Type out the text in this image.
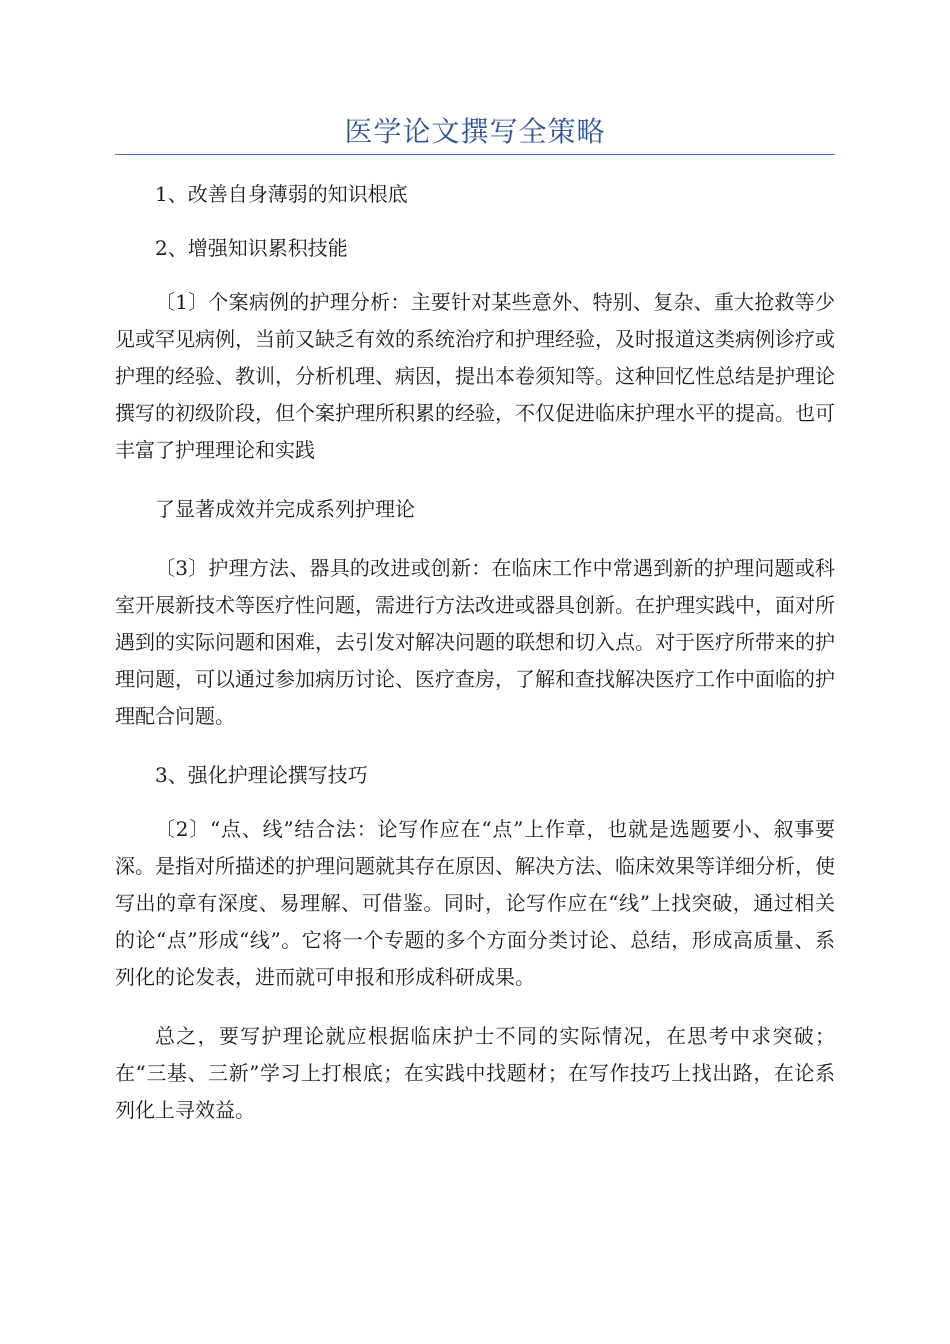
医学论文撰写全策略

1、改善自身薄弱的知识根底

2、增强知识累积技能

〔1〕个案病例的护理分析：主要针对某些意外、特别、复杂、重大抢救等少见或罕见病例，当前又缺乏有效的系统治疗和护理经验，及时报道这类病例诊疗或护理的经验、教训，分析机理、病因，提出本卷须知等。这种回忆性总结是护理论撰写的初级阶段，但个案护理所积累的经验，不仅促进临床护理水平的提高。也可丰富了护理理论和实践

了显著成效并完成系列护理论

〔3〕护理方法、器具的改进或创新：在临床工作中常遇到新的护理问题或科室开展新技术等医疗性问题，需进行方法改进或器具创新。在护理实践中，面对所遇到的实际问题和困难，去引发对解决问题的联想和切入点。对于医疗所带来的护理问题，可以通过参加病历讨论、医疗查房，了解和查找解决医疗工作中面临的护理配合问题。

3、强化护理论撰写技巧

〔2〕“点、线”结合法：论写作应在“点”上作章，也就是选题要小、叙事要深。是指对所描述的护理问题就其存在原因、解决方法、临床效果等详细分析，使写出的章有深度、易理解、可借鉴。同时，论写作应在“线”上找突破，通过相关的论“点”形成“线”。它将一个专题的多个方面分类讨论、总结，形成高质量、系列化的论发表，进而就可申报和形成科研成果。

总之，要写护理论就应根据临床护士不同的实际情况，在思考中求突破；在“三基、三新”学习上打根底；在实践中找题材；在写作技巧上找出路，在论系列化上寻效益。
